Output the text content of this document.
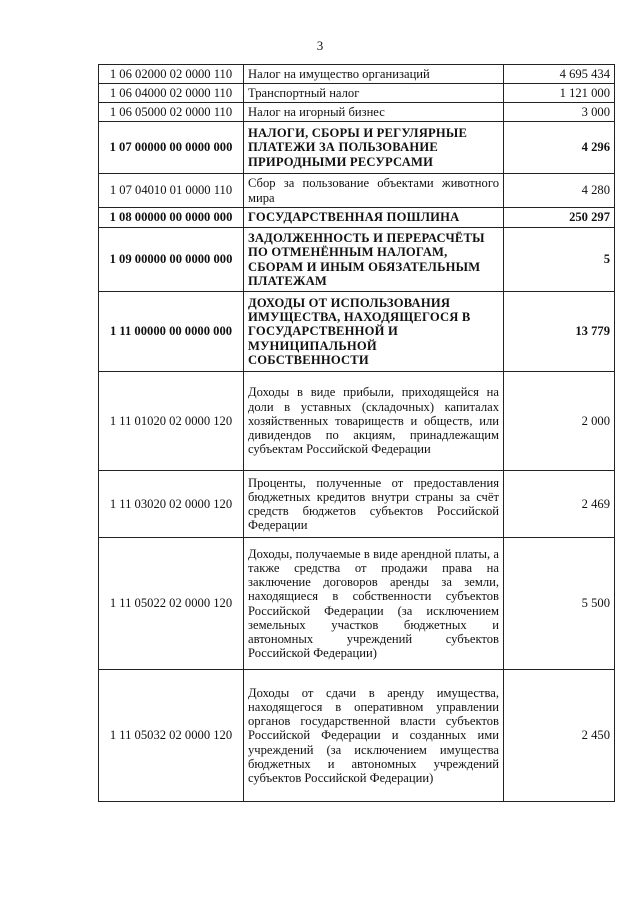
3
1 06 02000 02 0000 110	Налог на имущество организаций	4 695 434
1 06 04000 02 0000 110	Транспортный налог	1 121 000
1 06 05000 02 0000 110	Налог на игорный бизнес	3 000
1 07 00000 00 0000 000	НАЛОГИ, СБОРЫ И РЕГУЛЯРНЫЕ ПЛАТЕЖИ ЗА ПОЛЬЗОВАНИЕ ПРИРОДНЫМИ РЕСУРСАМИ	4 296
1 07 04010 01 0000 110	Сбор за пользование объектами животного мира	4 280
1 08 00000 00 0000 000	ГОСУДАРСТВЕННАЯ ПОШЛИНА	250 297
1 09 00000 00 0000 000	ЗАДОЛЖЕННОСТЬ И ПЕРЕРАСЧЁТЫ ПО ОТМЕНЁННЫМ НАЛОГАМ, СБОРАМ И ИНЫМ ОБЯЗАТЕЛЬНЫМ ПЛАТЕЖАМ	5
1 11 00000 00 0000 000	ДОХОДЫ ОТ ИСПОЛЬЗОВАНИЯ ИМУЩЕСТВА, НАХОДЯЩЕГОСЯ В ГОСУДАРСТВЕННОЙ И МУНИЦИПАЛЬНОЙ СОБСТВЕННОСТИ	13 779
1 11 01020 02 0000 120	Доходы в виде прибыли, приходящейся на доли в уставных (складочных) капиталах хозяйственных товариществ и обществ, или дивидендов по акциям, принадлежащим субъектам Российской Федерации	2 000
1 11 03020 02 0000 120	Проценты, полученные от предоставления бюджетных кредитов внутри страны за счёт средств бюджетов субъектов Российской Федерации	2 469
1 11 05022 02 0000 120	Доходы, получаемые в виде арендной платы, а также средства от продажи права на заключение договоров аренды за земли, находящиеся в собственности субъектов Российской Федерации (за исключением земельных участков бюджетных и автономных учреждений субъектов Российской Федерации)	5 500
1 11 05032 02 0000 120	Доходы от сдачи в аренду имущества, находящегося в оперативном управлении органов государственной власти субъектов Российской Федерации и созданных ими учреждений (за исключением имущества бюджетных и автономных учреждений субъектов Российской Федерации)	2 450
